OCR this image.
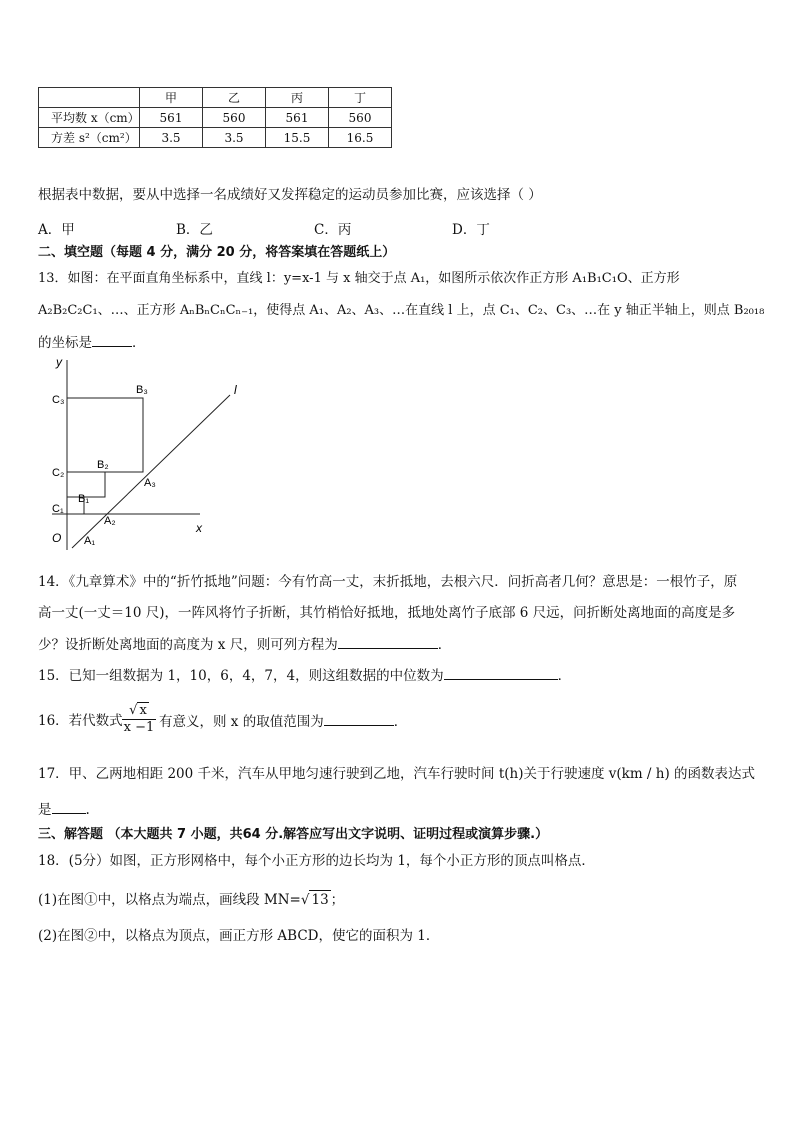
	甲	乙	丙	丁
平均数 x（cm）	561	560	561	560
方差 s²（cm²）	3.5	3.5	15.5	16.5
根据表中数据，要从中选择一名成绩好又发挥稳定的运动员参加比赛，应该选择（ ）
A．甲	B．乙	C．丙	D．丁
二、填空题（每题 4 分，满分 20 分，将答案填在答题纸上）
13．如图：在平面直角坐标系中，直线 l：y=x-1 与 x 轴交于点 A₁，如图所示依次作正方形 A₁B₁C₁O、正方形
A₂B₂C₂C₁、…、正方形 AₙBₙCₙCₙ₋₁，使得点 A₁、A₂、A₃、…在直线 l 上，点 C₁、C₂、C₃、…在 y 轴正半轴上，则点 B₂₀₁₈
的坐标是	．
y
x
l
O A₁
A₂
A₃
B₁
B₂
B₃
C₁
C₂
C₃
14．《九章算术》中的“折竹抵地”问题：今有竹高一丈，末折抵地，去根六尺．问折高者几何？意思是：一根竹子，原
高一丈(一丈＝10 尺)，一阵风将竹子折断，其竹梢恰好抵地，抵地处离竹子底部 6 尺远，问折断处离地面的高度是多
少？设折断处离地面的高度为 x 尺，则可列方程为	．
15．已知一组数据为 1，10，6，4，7，4，则这组数据的中位数为	．
16．若代数式 $\frac{√ x}{x -1}$ 有意义，则 x 的取值范围为	．
17．甲、乙两地相距 200 千米，汽车从甲地匀速行驶到乙地，汽车行驶时间 t(h)关于行驶速度 v(km / h) 的函数表达式
是	.
三、解答题 （本大题共 7 小题，共64 分.解答应写出文字说明、证明过程或演算步骤.）
18．(5分）如图，正方形网格中，每个小正方形的边长均为 1，每个小正方形的顶点叫格点．
(1)在图①中，以格点为端点，画线段 MN=√ 13 ；
(2)在图②中，以格点为顶点，画正方形 ABCD，使它的面积为 1．
